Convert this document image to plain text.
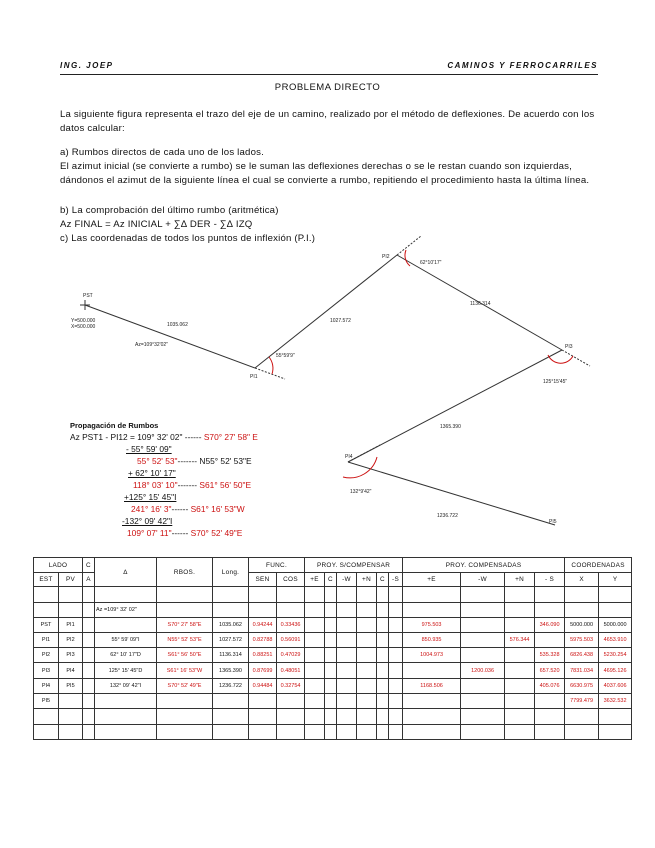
ING. JOEP	CAMINOS Y FERROCARRILES
PROBLEMA DIRECTO
La siguiente figura representa el trazo del eje de un camino, realizado por el método de deflexiones. De acuerdo con los datos calcular:
a) Rumbos directos de cada uno de los lados.
El azimut inicial (se convierte a rumbo) se le suman las deflexiones derechas o se le restan cuando son izquierdas, dándonos el azimut de la siguiente línea el cual se convierte a rumbo, repitiendo el procedimiento hasta la última línea.
b) La comprobación del último rumbo (aritmética)
Az FINAL = Az INICIAL + ∑∆ DER - ∑∆ IZQ
c) Las coordenadas de todos los puntos de inflexión (P.I.)
PST
Y=500.000
X=500.000
Az=109°32'02"
1035.062
PI1
55°59'9"
1027.572
PI2
62°10'17"
1136.314
PI3
125°15'45"
1365.390
PI4
132°9'42"
1236.722
PI5
Propagación de Rumbos
Az PST1 - PI12 = 109° 32' 02" ------ S70° 27' 58" E
- 55° 59' 09"
55° 52' 53"------- N55° 52' 53"E
+ 62° 10' 17"
118° 03' 10"------- S61° 56' 50"E
+125° 15' 45"I
241° 16' 3"------ S61° 16' 53"W
-132° 09' 42"I
109° 07' 11"------ S70° 52' 49"E
LADO		C	∆	RBOS.	Long.	FUNC.		PROY. S/COMPENSAR						PROY. COMPENSADAS				COORDENADAS	
EST	PV	A				SEN	COS	+E	C	-W	+N	C	-S	+E	-W	+N	- S	X	Y

			Az =109° 32' 02"																
PST	PI1			S70° 27' 58"E	1035.062	0.94244	0.33436							975.503			346.090	5000.000	5000.000
PI1	PI2		55° 59' 09"I	N55° 52' 53"E	1027.572	0.82788	0.56091							850.935		576.344		5975.503	4653.910
PI2	PI3		62° 10' 17"D	S61° 56' 50"E	1136.314	0.88251	0.47029							1004.973			535.328	6826.438	5230.254
PI3	PI4		125° 15' 45"D	S61° 16' 53"W	1365.390	0.87699	0.48051								1200.036		657.520	7831.034	4695.126
PI4	PI5		132° 09' 42"I	S70° 52' 49"E	1236.722	0.94484	0.32754							1168.506			405.076	6630.975	4037.606
PI5																		7799.479	3632.532
